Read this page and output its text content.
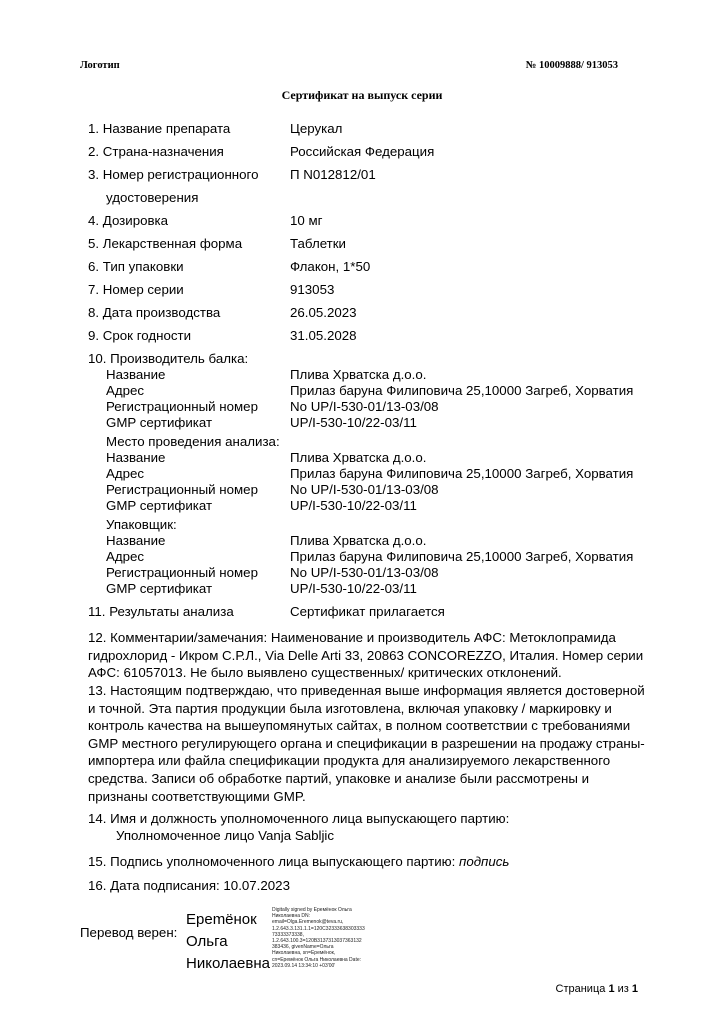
Логотип	№ 10009888/ 913053
Сертификат на выпуск серии
1. Название препарата	Церукал
2. Страна-назначения	Российская Федерация
3. Номер регистрационного П N012812/01
удостоверения
4. Дозировка	10 мг
5. Лекарственная форма	Таблетки
6. Тип упаковки	Флакон, 1*50
7. Номер серии	913053
8. Дата производства	26.05.2023
9. Срок годности	31.05.2028
10. Производитель балка:
Название	Плива Хрватска д.о.о.
Адрес	Прилаз баруна Филиповича 25,10000 Загреб, Хорватия
Регистрационный номер No UP/I-530-01/13-03/08
GMP сертификат	UP/I-530-10/22-03/11
Место проведения анализа:
Название	Плива Хрватска д.о.о.
Адрес	Прилаз баруна Филиповича 25,10000 Загреб, Хорватия
Регистрационный номер No UP/I-530-01/13-03/08
GMP сертификат	UP/I-530-10/22-03/11
Упаковщик:
Название	Плива Хрватска д.о.о.
Адрес	Прилаз баруна Филиповича 25,10000 Загреб, Хорватия
Регистрационный номер No UP/I-530-01/13-03/08
GMP сертификат	UP/I-530-10/22-03/11
11. Результаты анализа	Сертификат прилагается
12. Комментарии/замечания: Наименование и производитель АФС: Метоклопрамида гидрохлорид - Икром С.Р.Л., Via Delle Arti 33, 20863 CONCOREZZO, Италия. Номер серии АФС: 61057013. Не было выявлено существенных/ критических отклонений.
13. Настоящим подтверждаю, что приведенная выше информация является достоверной и точной. Эта партия продукции была изготовлена, включая упаковку / маркировку и контроль качества на вышеупомянутых сайтах, в полном соответствии с требованиями GMP местного регулирующего органа и спецификации в разрешении на продажу страны-импортера или файла спецификации продукта для анализируемого лекарственного средства. Записи об обработке партий, упаковке и анализе были рассмотрены и признаны соответствующими GMP.
14. Имя и должность уполномоченного лица выпускающего партию:
Уполномоченное лицо Vanja Sabljic
15. Подпись уполномоченного лица выпускающего партию: подпись
16. Дата подписания: 10.07.2023
Перевод верен:
Ерemёнок
Ольга
Николаевна
Digitally signed by Еремёнок Ольга Николаевна DN: email=Olga.Eremenok@teva.ru, 1.2.643.3.131.1.1=120C32333638303333 73333373338, 1.2.643.100.3=120B3137313037363132 383436, givenName=Ольга Николаевна, sn=Еремёнок, cn=Еремёнок Ольга Николаевна Date: 2023.09.14 13:34:10 +03'00'
Страница 1 из 1
